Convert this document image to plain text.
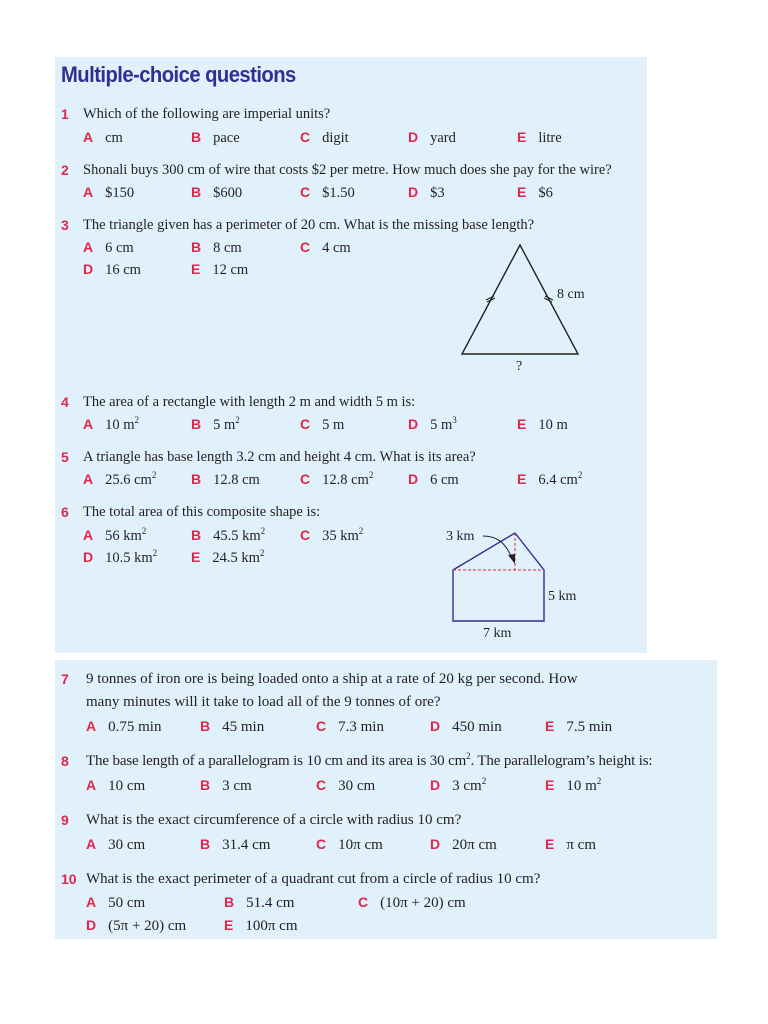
Multiple-choice questions
1 Which of the following are imperial units?
A cm	B pace	C digit	D yard	E litre
2 Shonali buys 300 cm of wire that costs $2 per metre. How much does she pay for the wire?
A $150	B $600	C $1.50	D $3	E $6
3 The triangle given has a perimeter of 20 cm. What is the missing base length?
A 6 cm	B 8 cm	C 4 cm
D 16 cm	E 12 cm
8 cm
?
4 The area of a rectangle with length 2 m and width 5 m is:
A 10 $m^2$	B 5 $m^2$	C 5 m	D 5 $m^3$	E 10 m
5 A triangle has base length 3.2 cm and height 4 cm. What is its area?
A 25.6 $cm^2$ B 12.8 cm	C 12.8 $cm^2$ D 6 cm	E 6.4 $cm^2$
6 The total area of this composite shape is:
A 56 $km^2$	B 45.5 $km^2$ C 35 $km^2$
D 10.5 $km^2$ E 24.5 $km^2$
3 km
5 km
7 km
7 9 tonnes of iron ore is being loaded onto a ship at a rate of 20 kg per second. How
many minutes will it take to load all of the 9 tonnes of ore?
A 0.75 min	B 45 min	C 7.3 min	D 450 min	E 7.5 min
8 The base length of a parallelogram is 10 cm and its area is 30 $cm^2$. The parallelogram’s height is:
A 10 cm	B 3 cm	C 30 cm	D 3 $cm^2$	E 10 $m^2$
9 What is the exact circumference of a circle with radius 10 cm?
A 30 cm	B 31.4 cm	C 10π cm	D 20π cm	E π cm
10 What is the exact perimeter of a quadrant cut from a circle of radius 10 cm?
A 50 cm	B 51.4 cm	C (10π + 20) cm
D (5π + 20) cm	E 100π cm
